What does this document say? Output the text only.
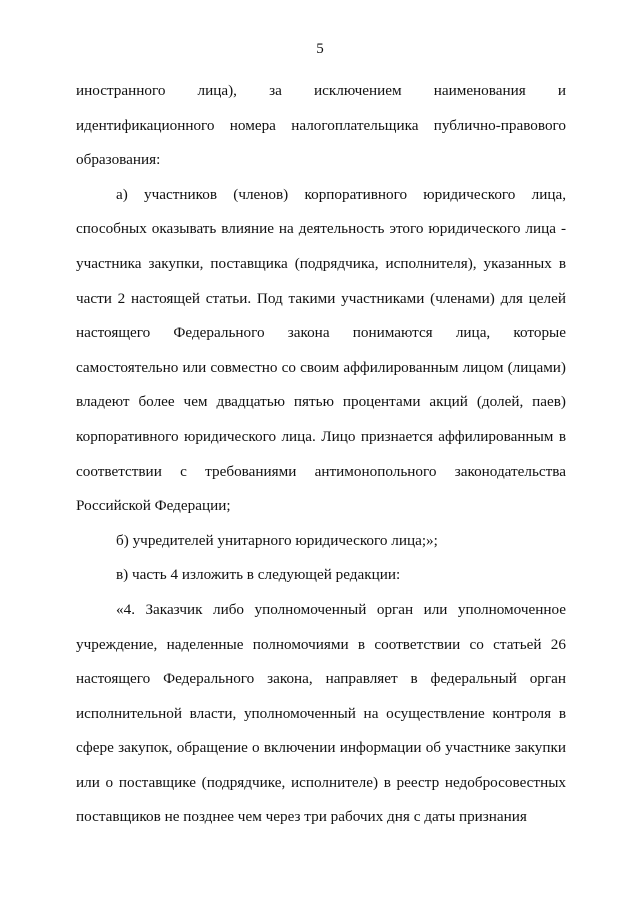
5

иностранного лица), за исключением наименования и идентификационного номера налогоплательщика публично-правового образования:

а) участников (членов) корпоративного юридического лица, способных оказывать влияние на деятельность этого юридического лица - участника закупки, поставщика (подрядчика, исполнителя), указанных в части 2 настоящей статьи. Под такими участниками (членами) для целей настоящего Федерального закона понимаются лица, которые самостоятельно или совместно со своим аффилированным лицом (лицами) владеют более чем двадцатью пятью процентами акций (долей, паев) корпоративного юридического лица. Лицо признается аффилированным в соответствии с требованиями антимонопольного законодательства Российской Федерации;

б) учредителей унитарного юридического лица;»;

в) часть 4 изложить в следующей редакции:

«4. Заказчик либо уполномоченный орган или уполномоченное учреждение, наделенные полномочиями в соответствии со статьей 26 настоящего Федерального закона, направляет в федеральный орган исполнительной власти, уполномоченный на осуществление контроля в сфере закупок, обращение о включении информации об участнике закупки или о поставщике (подрядчике, исполнителе) в реестр недобросовестных поставщиков не позднее чем через три рабочих дня с даты признания
